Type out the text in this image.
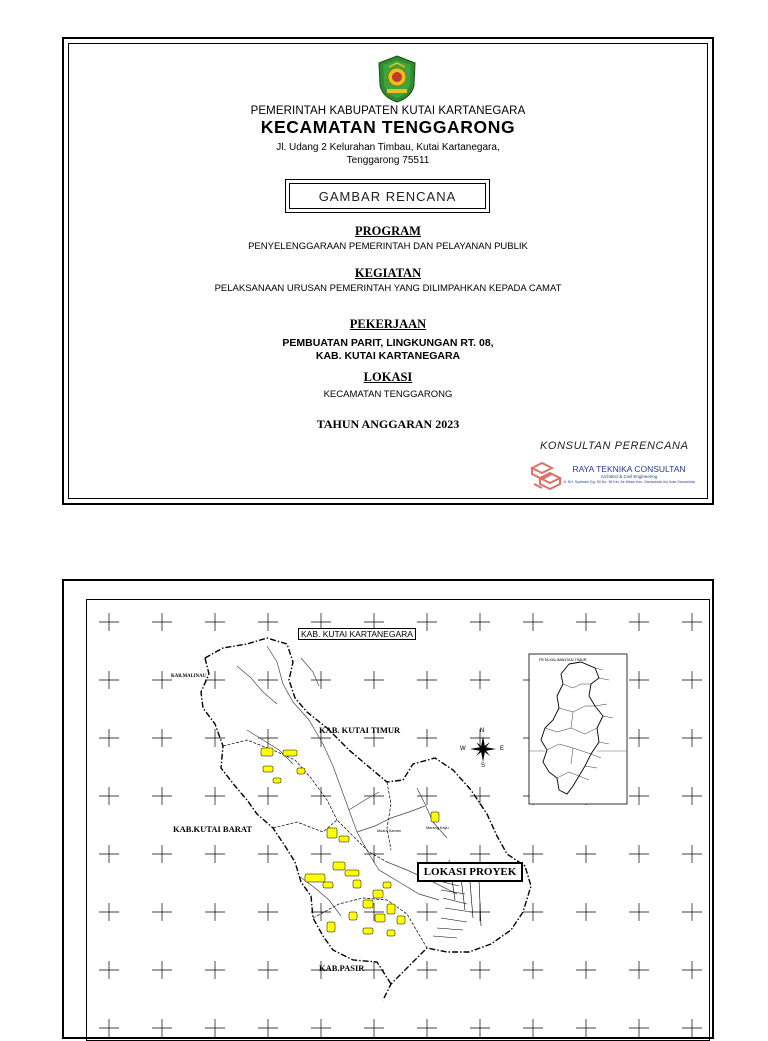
PEMERINTAH KABUPATEN KUTAI KARTANEGARA
KECAMATAN TENGGARONG
Jl. Udang 2 Kelurahan Timbau, Kutai Kartanegara,
Tenggarong 75511
GAMBAR RENCANA
PROGRAM
PENYELENGGARAAN PEMERINTAH DAN PELAYANAN PUBLIK
KEGIATAN
PELAKSANAAN URUSAN PEMERINTAH YANG DILIMPAHKAN KEPADA CAMAT
PEKERJAAN
PEMBUATAN PARIT, LINGKUNGAN RT. 08,
KAB. KUTAI KARTANEGARA
LOKASI
KECAMATAN TENGGARONG
TAHUN ANGGARAN 2023
KONSULTAN PERENCANA
RAYA TEKNIKA CONSULTAN
Architect & Civil Engineering
Jl. KH. Syahrani Gg. 50 No. 38 Kel. Air Hitam Kec. Samarinda Ulu Kota Samarinda
KAB. KUTAI KARTANEGARA
KAB.MALINAU
KAB. KUTAI TIMUR
KAB.KUTAI BARAT
KAB.PASIR
Muara Kaman
Marang Kayu
PETA KALIMANTAN TIMUR
N
W	E
S
LOKASI PROYEK
